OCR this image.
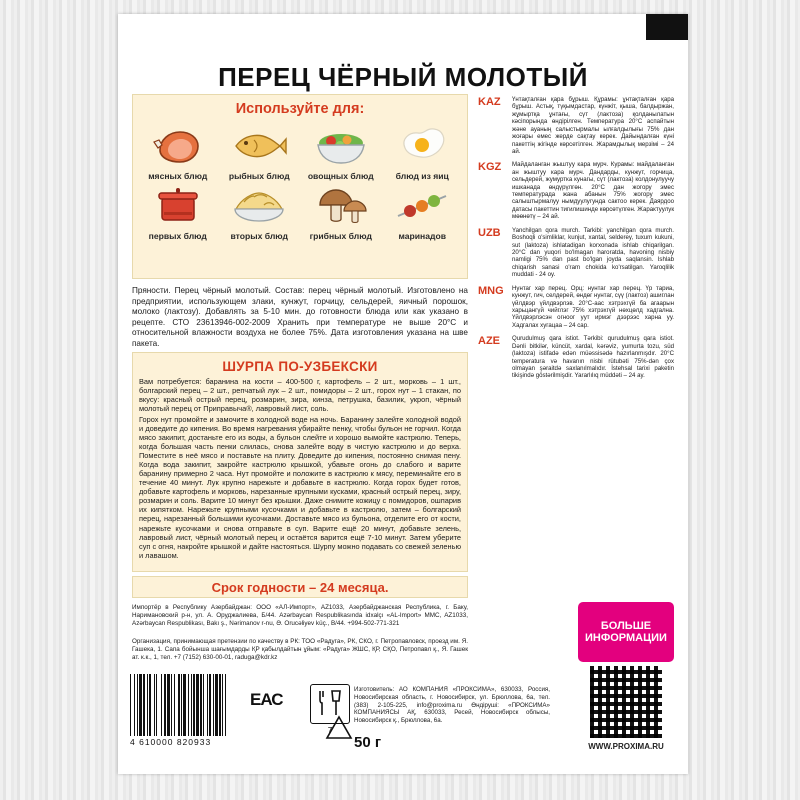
ПЕРЕЦ ЧЁРНЫЙ МОЛОТЫЙ
Используйте для:
мясных блюд	рыбных блюд	овощных блюд	блюд из яиц
первых блюд	вторых блюд	грибных блюд	маринадов
Пряности. Перец чёрный молотый. Состав: перец чёрный молотый. Изготовлено на предприятии, использующем злаки, кунжут, горчицу, сельдерей, яичный порошок, молоко (лактозу). Добавлять за 5-10 мин. до готовности блюда или как указано в рецепте. СТО 23613946-002-2009 Хранить при температуре не выше 20°С и относительной влажности воздуха не более 75%. Дата изготовления указана на шве пакета.
ШУРПА ПО-УЗБЕКСКИ

Вам потребуется: баранина на кости – 400-500 г, картофель – 2 шт., морковь – 1 шт., болгарский перец – 2 шт., репчатый лук – 2 шт., помидоры – 2 шт., горох нут – 1 стакан, по вкусу: красный острый перец, розмарин, зира, кинза, петрушка, базилик, укроп, чёрный молотый перец от Приправыча®, лавровый лист, соль.

Горох нут промойте и замочите в холодной воде на ночь. Баранину залейте холодной водой и доведите до кипения. Во время нагревания убирайте пенку, чтобы бульон не горчил. Когда мясо закипит, достаньте его из воды, а бульон слейте и хорошо вымойте кастрюлю. Теперь, когда большая часть пенки слилась, снова залейте воду в чистую кастрюлю и до верха. Поместите в неё мясо и поставьте на плиту. Доведите до кипения, постоянно снимая пену. Когда вода закипит, закройте кастрюлю крышкой, убавьте огонь до слабого и варите баранину примерно 2 часа. Нут промойте и положите в кастрюлю к мясу, переминайте его в течение 40 минут. Лук крупно нарежьте и добавьте в кастрюлю. Когда горох будет готов, добавьте картофель и морковь, нарезанные крупными кусками, красный острый перец, зиру, розмарин и соль. Варите 10 минут без крышки. Даже снимите кожицу с помидоров, ошпарив их кипятком. Нарежьте крупными кусочками и добавьте в кастрюлю, затем – болгарский перец, нарезанный большими кусочками. Доставьте мясо из бульона, отделите его от кости, нарежьте кусочками и снова отправьте в суп. Варите ещё 20 минут, добавьте зелень, лавровый лист, чёрный молотый перец и остаётся варится ещё 7-10 минут. Затем уберите суп с огня, накройте крышкой и дайте настояться. Шурпу можно подавать со свежей зеленью и лавашом.

Срок годности – 24 месяца.
Импортёр в Республику Азербайджан: ООО «АЛ-Импорт», AZ1033, Азербайджанская Республика, г. Баку, Наримановский р-н, ул. А. Оруджалиева, Б/44. Azərbaycan Respublikasında idxalçı «AL-Import» MMC, AZ1033, Azərbaycan Respublikası, Bakı ş., Nərimanov r-nu, Ə. Orucəliyev küç., B/44. +994-502-771-321
Организация, принимающая претензии по качеству в РК: ТОО «Радуга», РК, СКО, г. Петропавловск, проезд им. Я. Гашека, 1. Сапа бойынша шағымдарды ҚР қабылдайтын ұйым: «Радуга» ЖШС, ҚР, СҚО, Петропавл қ., Я. Гашек ат. к.к., 1, тел. +7 (7152) 630-00-01, raduga@kdr.kz
KAZ	Үнтақталған қара бұрыш. Құрамы: ұнтақталған қара бұрыш. Астық, түқымдастар, күнжіт, қыша, балдыржан, жұмыртқа ұнтағы, сүт (лактоза) қолданылатын кәсіпорында өндірілген. Температура 20°С аспайтын және ауаның салыстырмалы ылғалдылығы 75% дан жоғары емес жерде сақтау керек. Дайындалған күні пакеттің жігінде көрсетілген. Жарамдылық мерзімі – 24 ай.
KGZ	Майдаланган жыштуу кара мурч. Курамы: майдаланган ан жыштуу кара мурч. Дандарды, кунжут, горчица, сельдерей, жумуртка кунагы, сүт (лактоза) колдонулуучу ишканада өндүрүлгөн. 20°С дан жогору эмес температурада жана абанын 75% жогору эмес салыштырмалуу нымдуулугунда сактоо керек. Даярдоо датасы пакеттин тигилишинде көрсөтүлген. Жарактуулук мөөнөтү – 24 ай.
UZB	Yanchilgan qora murch. Tarkibi: yanchilgan qora murch. Boshoqli o'simliklar, kunjut, xantal, selderey, tuxum kukuni, sut (laktoza) ishlatadigan korxonada ishlab chiqarilgan. 20°C dan yuqori bo'lmagan haroratda, havoning nisbiy namligi 75% dan past bo'lgan joyda saqlansin. Ishlab chiqarish sanasi o'ram chokida ko'rsatilgan. Yaroqlilik muddati - 24 oy.
MNG	Нунтаг хар перец. Орц: нунтаг хар перец. Үр тариа, кунжут, гич, селдерей, өндөг нунтаг, сүү (лактоз) ашиглан үйлдвэр үйлдвэрлэв. 20°С-аас хэтрэхгүй ба агаарын харьцангүй чийглэг 75% хэтрэхгүй нөхцөлд хадгална. Үйлдвэрлэсэн огноог уут ирмэг дээрээс харна уу. Хадгалах хугацаа – 24 сар.
AZE	Qurudulmuş qara istiot. Tərkibi: qurudulmuş qara istiot. Dənli bitkilər, küncüt, xardal, kərəviz, yumurta tozu, süd (laktoza) istifadə edən müəssisədə hazırlanmışdır. 20°C temperatura və havanın nisbi rütubəti 75%-dən çox olmayan şəraitdə saxlanılmalıdır. İstehsal tarixi paketin tikişində göstərilmişdir. Yararlılıq müddəti – 24 ay.
БОЛЬШЕ
ИНФОРМАЦИИ
WWW.PROXIMA.RU
Изготовитель: АО КОМПАНИЯ «ПРОКСИМА», 630033, Россия, Новосибирская область, г. Новосибирск, ул. Брюллова, 6а, тел.(383) 2-105-225, info@proxima.ru Өндіруші: «ПРОКСИМА» КОМПАНИЯСЫ АҚ, 630033, Ресей, Новосибирск облысы, Новосибирск қ., Брюллова, 6а.
ЕАС
7
50 г
4 610000 820933
